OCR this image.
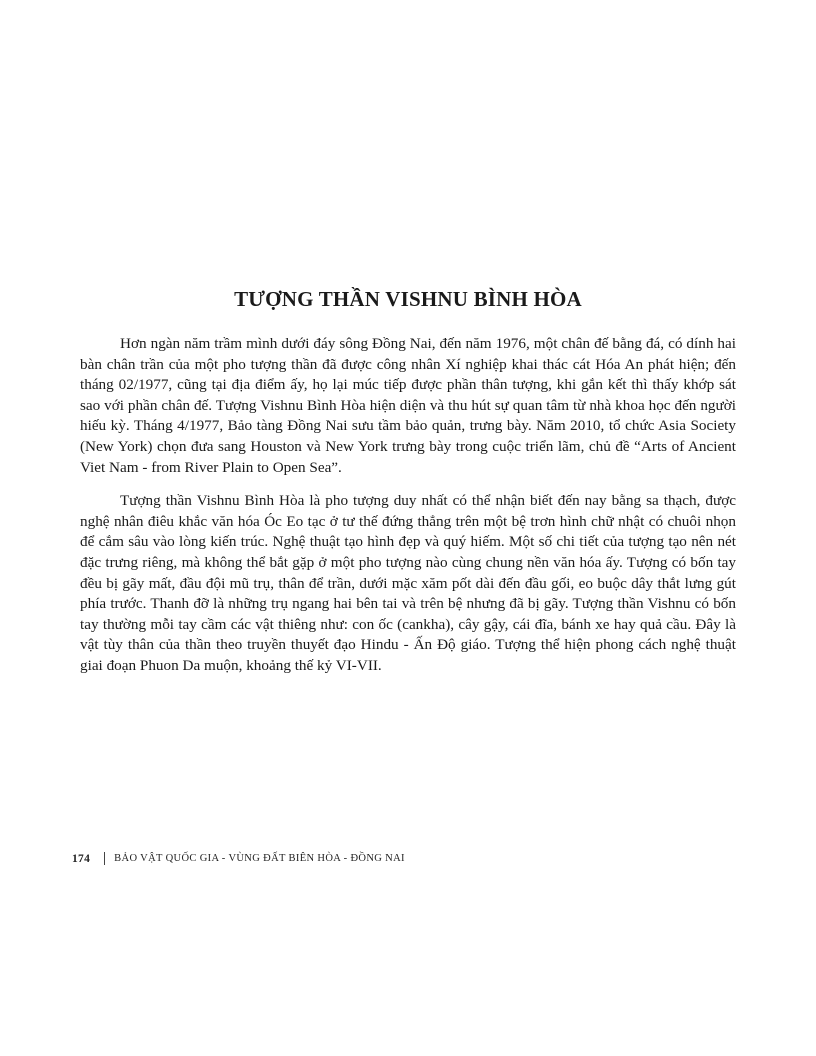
TƯỢNG THẦN VISHNU BÌNH HÒA

Hơn ngàn năm trầm mình dưới đáy sông Đồng Nai, đến năm 1976, một chân đế bằng đá, có dính hai bàn chân trần của một pho tượng thần đã được công nhân Xí nghiệp khai thác cát Hóa An phát hiện; đến tháng 02/1977, cũng tại địa điểm ấy, họ lại múc tiếp được phần thân tượng, khi gắn kết thì thấy khớp sát sao với phần chân đế. Tượng Vishnu Bình Hòa hiện diện và thu hút sự quan tâm từ nhà khoa học đến người hiếu kỳ. Tháng 4/1977, Bảo tàng Đồng Nai sưu tầm bảo quản, trưng bày. Năm 2010, tổ chức Asia Society (New York) chọn đưa sang Houston và New York trưng bày trong cuộc triển lãm, chủ đề “Arts of Ancient Viet Nam - from River Plain to Open Sea”.

Tượng thần Vishnu Bình Hòa là pho tượng duy nhất có thể nhận biết đến nay bằng sa thạch, được nghệ nhân điêu khắc văn hóa Óc Eo tạc ở tư thế đứng thẳng trên một bệ trơn hình chữ nhật có chuôi nhọn để cắm sâu vào lòng kiến trúc. Nghệ thuật tạo hình đẹp và quý hiếm. Một số chi tiết của tượng tạo nên nét đặc trưng riêng, mà không thể bắt gặp ở một pho tượng nào cùng chung nền văn hóa ấy. Tượng có bốn tay đều bị gãy mất, đầu đội mũ trụ, thân để trần, dưới mặc xăm pốt dài đến đầu gối, eo buộc dây thắt lưng gút phía trước. Thanh đỡ là những trụ ngang hai bên tai và trên bệ nhưng đã bị gãy. Tượng thần Vishnu có bốn tay thường mỗi tay cầm các vật thiêng như: con ốc (cankha), cây gậy, cái đĩa, bánh xe hay quả cầu. Đây là vật tùy thân của thần theo truyền thuyết đạo Hindu - Ấn Độ giáo. Tượng thể hiện phong cách nghệ thuật giai đoạn Phuon Da muộn, khoảng thế kỷ VI-VII.

174 BẢO VẬT QUỐC GIA - VÙNG ĐẤT BIÊN HÒA - ĐỒNG NAI
